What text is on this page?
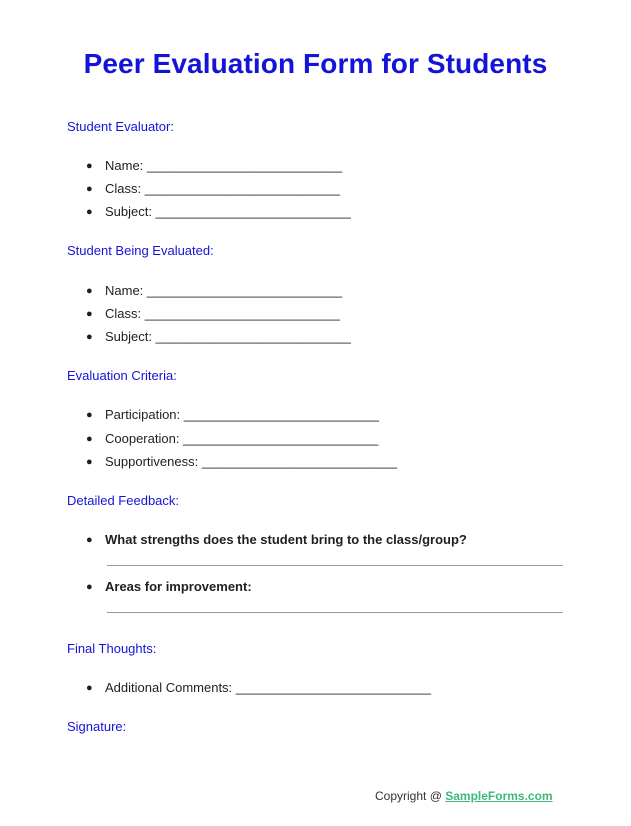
Peer Evaluation Form for Students
Student Evaluator:
● Name: ___________________________
● Class: ___________________________
● Subject: ___________________________
Student Being Evaluated:
● Name: ___________________________
● Class: ___________________________
● Subject: ___________________________
Evaluation Criteria:
● Participation: ___________________________
● Cooperation: ___________________________
● Supportiveness: ___________________________
Detailed Feedback:
● What strengths does the student bring to the class/group?
● Areas for improvement:
Final Thoughts:
● Additional Comments: ___________________________
Signature:
Copyright @ SampleForms.com
